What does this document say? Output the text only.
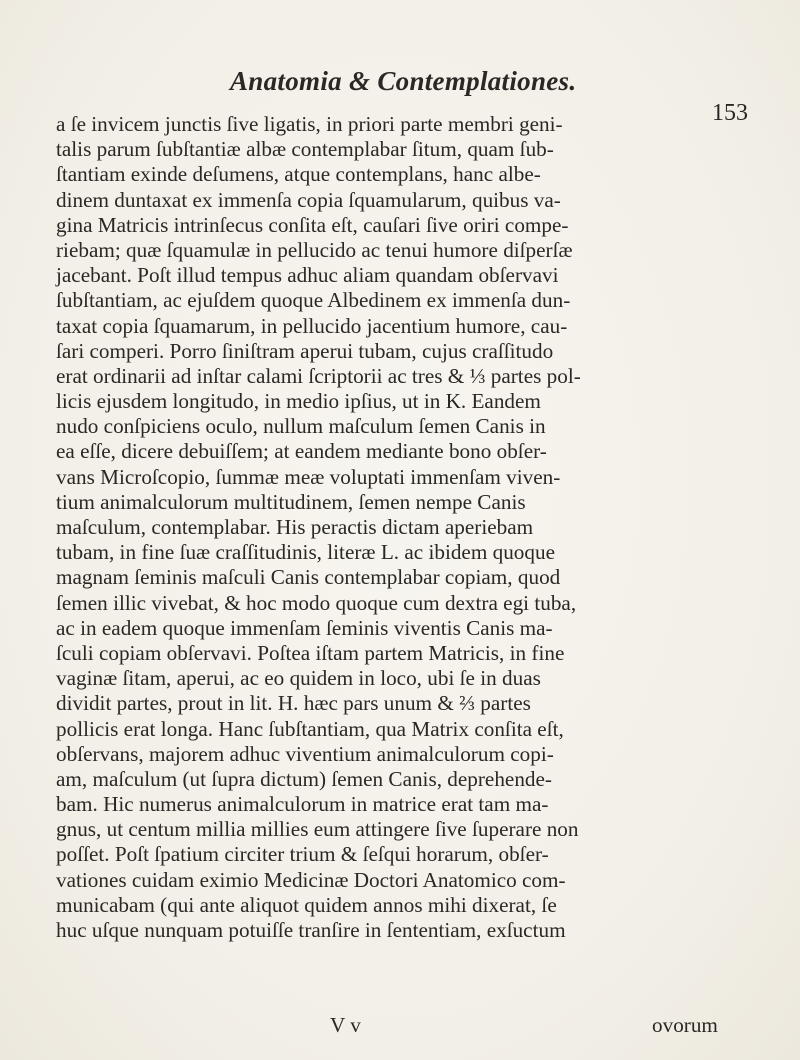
Anatomia & Contemplationes.
153
a ſe invicem junctis ſive ligatis, in priori parte membri geni-
talis parum ſubſtantiæ albæ contemplabar ſitum, quam ſub-
ſtantiam exinde deſumens, atque contemplans, hanc albe-
dinem duntaxat ex immenſa copia ſquamularum, quibus va-
gina Matricis intrinſecus conſita eſt, cauſari ſive oriri compe-
riebam; quæ ſquamulæ in pellucido ac tenui humore diſperſæ
jacebant. Poſt illud tempus adhuc aliam quandam obſervavi
ſubſtantiam, ac ejuſdem quoque Albedinem ex immenſa dun-
taxat copia ſquamarum, in pellucido jacentium humore, cau-
ſari comperi. Porro ſiniſtram aperui tubam, cujus craſſitudo
erat ordinarii ad inſtar calami ſcriptorii ac tres & ⅓ partes pol-
licis ejusdem longitudo, in medio ipſius, ut in K. Eandem
nudo conſpiciens oculo, nullum maſculum ſemen Canis in
ea eſſe, dicere debuiſſem; at eandem mediante bono obſer-
vans Microſcopio, ſummæ meæ voluptati immenſam viven-
tium animalculorum multitudinem, ſemen nempe Canis
maſculum, contemplabar. His peractis dictam aperiebam
tubam, in fine ſuæ craſſitudinis, literæ L. ac ibidem quoque
magnam ſeminis maſculi Canis contemplabar copiam, quod
ſemen illic vivebat, & hoc modo quoque cum dextra egi tuba,
ac in eadem quoque immenſam ſeminis viventis Canis ma-
ſculi copiam obſervavi. Poſtea iſtam partem Matricis, in fine
vaginæ ſitam, aperui, ac eo quidem in loco, ubi ſe in duas
dividit partes, prout in lit. H. hæc pars unum & ⅔ partes
pollicis erat longa. Hanc ſubſtantiam, qua Matrix conſita eſt,
obſervans, majorem adhuc viventium animalculorum copi-
am, maſculum (ut ſupra dictum) ſemen Canis, deprehende-
bam. Hic numerus animalculorum in matrice erat tam ma-
gnus, ut centum millia millies eum attingere ſive ſuperare non
poſſet. Poſt ſpatium circiter trium & ſeſqui horarum, obſer-
vationes cuidam eximio Medicinæ Doctori Anatomico com-
municabam (qui ante aliquot quidem annos mihi dixerat, ſe
huc uſque nunquam potuiſſe tranſire in ſententiam, exſuctum
V v	ovorum
